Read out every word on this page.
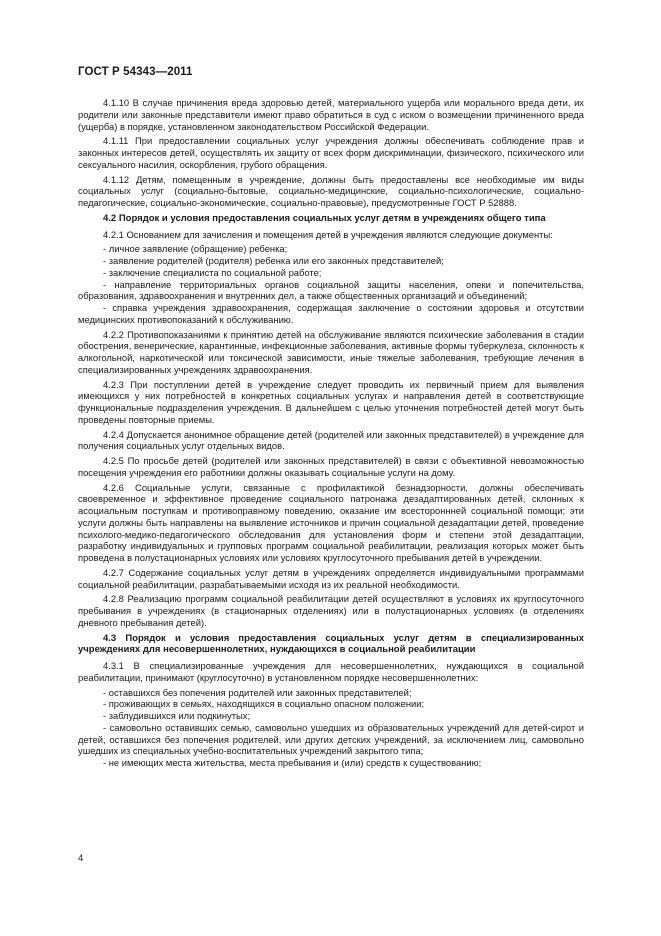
ГОСТ Р 54343—2011

4.1.10 В случае причинения вреда здоровью детей, материального ущерба или морального вреда дети, их родители или законные представители имеют право обратиться в суд с иском о возмещении причиненного вреда (ущерба) в порядке, установленном законодательством Российской Федерации.

4.1.11 При предоставлении социальных услуг учреждения должны обеспечивать соблюдение прав и законных интересов детей, осуществлять их защиту от всех форм дискриминации, физического, психического или сексуального насилия, оскорбления, грубого обращения.

4.1.12 Детям, помещенным в учреждение, должны быть предоставлены все необходимые им виды социальных услуг (социально-бытовые, социально-медицинские, социально-психологические, социально-педагогические, социально-экономические, социально-правовые), предусмотренные ГОСТ Р 52888.

4.2 Порядок и условия предоставления социальных услуг детям в учреждениях общего типа

4.2.1 Основанием для зачисления и помещения детей в учреждения являются следующие документы:

- личное заявление (обращение) ребенка;

- заявление родителей (родителя) ребенка или его законных представителей;

- заключение специалиста по социальной работе;

- направление территориальных органов социальной защиты населения, опеки и попечительства, образования, здравоохранения и внутренних дел, а также общественных организаций и объединений;

- справка учреждения здравоохранения, содержащая заключение о состоянии здоровья и отсутствии медицинских противопоказаний к обслуживанию.

4.2.2 Противопоказаниями к принятию детей на обслуживание являются психические заболевания в стадии обострения, венерические, карантинные, инфекционные заболевания, активные формы туберкулеза, склонность к алкогольной, наркотической или токсической зависимости, иные тяжелые заболевания, требующие лечения в специализированных учреждениях здравоохранения.

4.2.3 При поступлении детей в учреждение следует проводить их первичный прием для выявления имеющихся у них потребностей в конкретных социальных услугах и направления детей в соответствующие функциональные подразделения учреждения. В дальнейшем с целью уточнения потребностей детей могут быть проведены повторные приемы.

4.2.4 Допускается анонимное обращение детей (родителей или законных представителей) в учреждение для получения социальных услуг отдельных видов.

4.2.5 По просьбе детей (родителей или законных представителей) в связи с объективной невозможностью посещения учреждения его работники должны оказывать социальные услуги на дому.

4.2.6 Социальные услуги, связанные с профилактикой безнадзорности, должны обеспечивать своевременное и эффективное проведение социального патронажа дезадаптированных детей, склонных к асоциальным поступкам и противоправному поведению, оказание им всестороннней социальной помощи; эти услуги должны быть направлены на выявление источников и причин социальной дезадаптации детей, проведение психолого-медико-педагогического обследования для установления форм и степени этой дезадаптации, разработку индивидуальных и групповых программ социальной реабилитации, реализация которых может быть проведена в полустационарных условиях или условиях круглосуточного пребывания детей в учреждении.

4.2.7 Содержание социальных услуг детям в учреждениях определяется индивидуальными программами социальной реабилитации, разрабатываемыми исходя из их реальной необходимости.

4.2.8 Реализацию программ социальной реабилитации детей осуществляют в условиях их круглосуточного пребывания в учреждениях (в стационарных отделениях) или в полустационарных условиях (в отделениях дневного пребывания детей).

4.3 Порядок и условия предоставления социальных услуг детям в специализированных учреждениях для несовершеннолетних, нуждающихся в социальной реабилитации

4.3.1 В специализированные учреждения для несовершеннолетних, нуждающихся в социальной реабилитации, принимают (круглосуточно) в установленном порядке несовершеннолетних:

- оставшихся без попечения родителей или законных представителей;

- проживающих в семьях, находящихся в социально опасном положении;

- заблудившихся или подкинутых;

- самовольно оставивших семью, самовольно ушедших из образовательных учреждений для детей-сирот и детей, оставшихся без попечения родителей, или других детских учреждений, за исключением лиц, самовольно ушедших из специальных учебно-воспитательных учреждений закрытого типа;

- не имеющих места жительства, места пребывания и (или) средств к существованию;

4
